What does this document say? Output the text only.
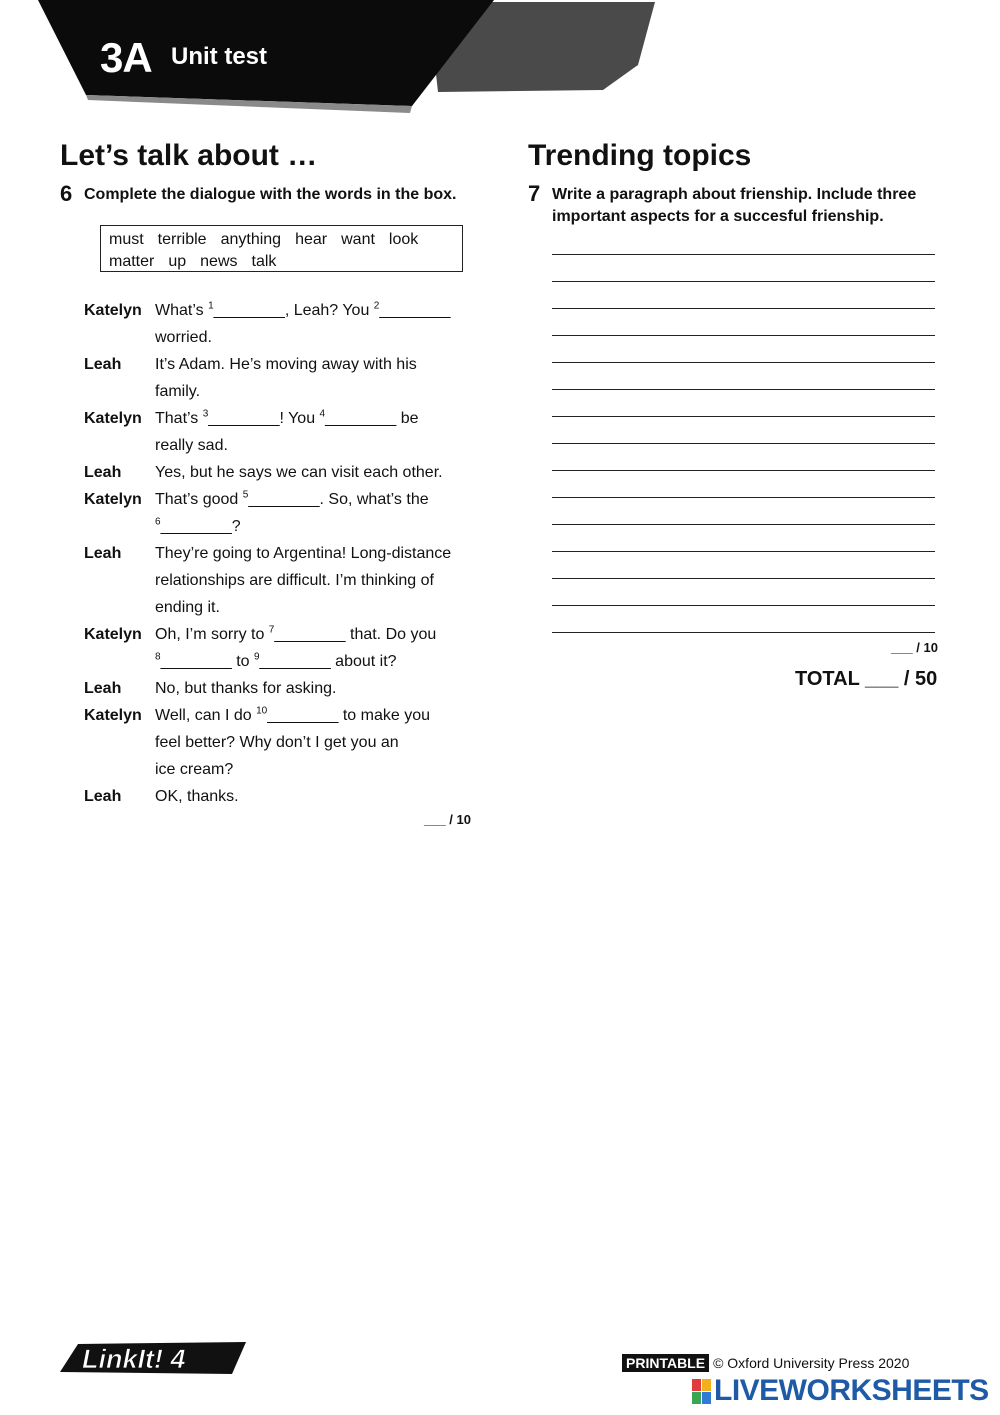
3A Unit test
Let’s talk about …
6 Complete the dialogue with the words in the box.
must terrible anything hear want look
matter up news talk
Katelyn What’s $^1$________, Leah? You $^2$________
worried.
Leah	It’s Adam. He’s moving away with his
family.
Katelyn That’s $^3$________! You $^4$________ be
really sad.
Leah	Yes, but he says we can visit each other.
Katelyn That’s good $^5$________. So, what’s the
$^6$________?
Leah	They’re going to Argentina! Long-distance
relationships are difficult. I’m thinking of
ending it.
Katelyn Oh, I’m sorry to $^7$________ that. Do you
$^8$________ to $^9$________ about it?
Leah	No, but thanks for asking.
Katelyn Well, can I do $^{10}$________ to make you
feel better? Why don’t I get you an
ice cream?
Leah	OK, thanks.
___ / 10
Trending topics
7 Write a paragraph about frienship. Include three
important aspects for a succesful frienship.
___ / 10
TOTAL ___ / 50
LinkIt! 4	PRINTABLE © Oxford University Press 2020
LIVEWORKSHEETS
